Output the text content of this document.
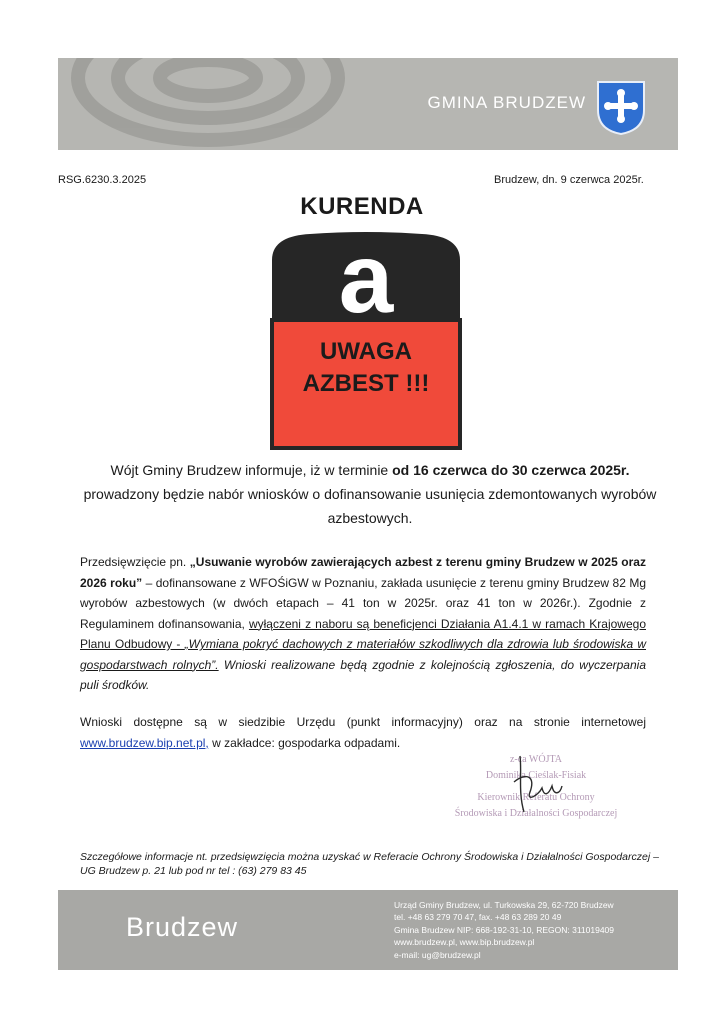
GMINA BRUDZEW
RSG.6230.3.2025	Brudzew, dn. 9 czerwca 2025r.
KURENDA
a
UWAGA
AZBEST !!!
Wójt Gminy Brudzew informuje, iż w terminie od 16 czerwca do 30 czerwca 2025r. prowadzony będzie nabór wniosków o dofinansowanie usunięcia zdemontowanych wyrobów azbestowych.
Przedsięwzięcie pn. „Usuwanie wyrobów zawierających azbest z terenu gminy Brudzew w 2025 oraz 2026 roku” – dofinansowane z WFOŚiGW w Poznaniu, zakłada usunięcie z terenu gminy Brudzew 82 Mg wyrobów azbestowych (w dwóch etapach – 41 ton w 2025r. oraz 41 ton w 2026r.). Zgodnie z Regulaminem dofinansowania, wyłączeni z naboru są beneficjenci Działania A1.4.1 w ramach Krajowego Planu Odbudowy - „Wymiana pokryć dachowych z materiałów szkodliwych dla zdrowia lub środowiska w gospodarstwach rolnych”. Wnioski realizowane będą zgodnie z kolejnością zgłoszenia, do wyczerpania puli środków.
Wnioski dostępne są w siedzibie Urzędu (punkt informacyjny) oraz na stronie internetowej www.brudzew.bip.net.pl, w zakładce: gospodarka odpadami.
z-ca WÓJTA
Dominika Cieślak-Fisiak
Kierownik Referatu Ochrony
Środowiska i Działalności Gospodarczej
Szczegółowe informacje nt. przedsięwzięcia można uzyskać w Referacie Ochrony Środowiska i Działalności Gospodarczej – UG Brudzew p. 21 lub pod nr tel : (63) 279 83 45
Brudzew
Urząd Gminy Brudzew, ul. Turkowska 29, 62-720 Brudzew
tel. +48 63 279 70 47, fax. +48 63 289 20 49
Gmina Brudzew NIP: 668-192-31-10, REGON: 311019409
www.brudzew.pl, www.bip.brudzew.pl
e-mail: ug@brudzew.pl
